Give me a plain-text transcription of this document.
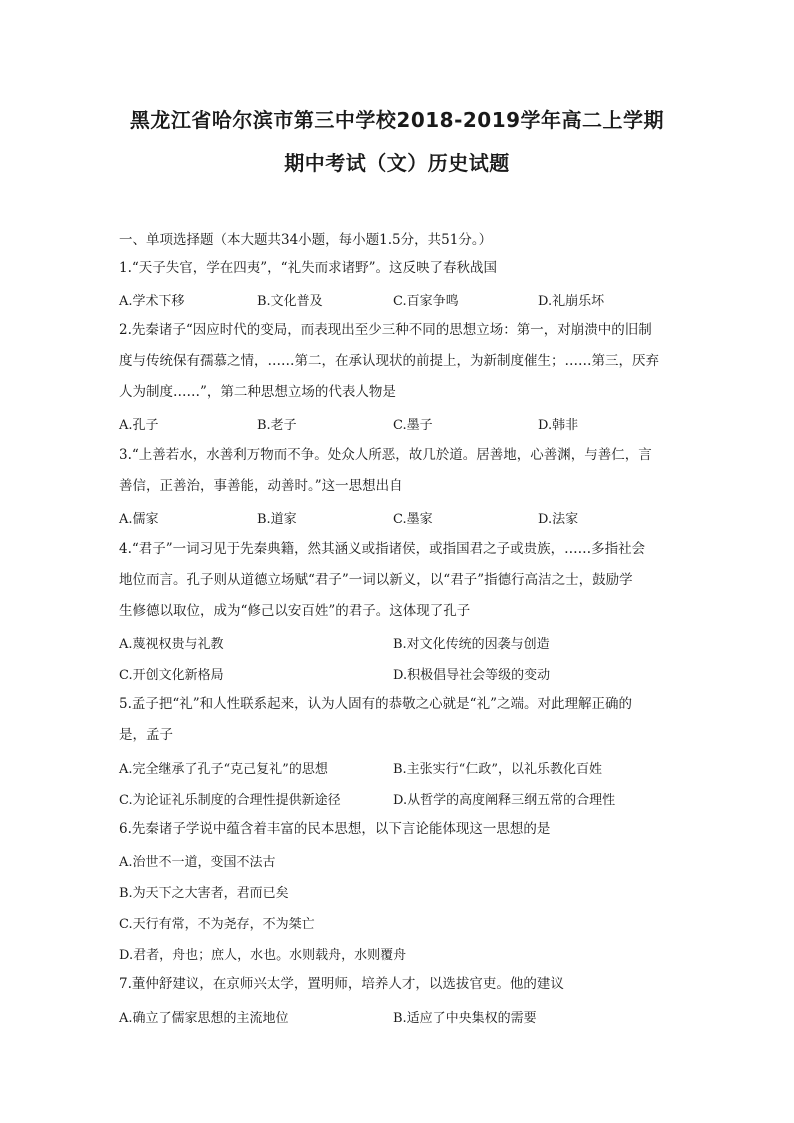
黑龙江省哈尔滨市第三中学校2018-2019学年高二上学期
期中考试（文）历史试题
一、单项选择题（本大题共34小题，每小题1.5分，共51分。）
1.“天子失官，学在四夷”，“礼失而求诸野”。这反映了春秋战国
A.学术下移	B.文化普及	C.百家争鸣	D.礼崩乐坏
2.先秦诸子“因应时代的变局，而表现出至少三种不同的思想立场：第一，对崩溃中的旧制
度与传统保有孺慕之情，……第二，在承认现状的前提上，为新制度催生；……第三，厌弃
人为制度……”，第二种思想立场的代表人物是
A.孔子	B.老子	C.墨子	D.韩非
3.“上善若水，水善利万物而不争。处众人所恶，故几於道。居善地，心善渊，与善仁，言
善信，正善治，事善能，动善时。”这一思想出自
A.儒家	B.道家	C.墨家	D.法家
4.“君子”一词习见于先秦典籍，然其涵义或指诸侯，或指国君之子或贵族，……多指社会
地位而言。孔子则从道德立场赋“君子”一词以新义，以“君子”指德行高洁之士，鼓励学
生修德以取位，成为“修己以安百姓”的君子。这体现了孔子
A.蔑视权贵与礼教	B.对文化传统的因袭与创造
C.开创文化新格局	D.积极倡导社会等级的变动
5.孟子把“礼”和人性联系起来，认为人固有的恭敬之心就是“礼”之端。对此理解正确的
是，孟子
A.完全继承了孔子“克己复礼”的思想	B.主张实行“仁政”，以礼乐教化百姓
C.为论证礼乐制度的合理性提供新途径	D.从哲学的高度阐释三纲五常的合理性
6.先秦诸子学说中蕴含着丰富的民本思想，以下言论能体现这一思想的是
A.治世不一道，变国不法古
B.为天下之大害者，君而已矣
C.天行有常，不为尧存，不为桀亡
D.君者，舟也；庶人，水也。水则载舟，水则覆舟
7.董仲舒建议，在京师兴太学，置明师，培养人才，以选拔官吏。他的建议
A.确立了儒家思想的主流地位	B.适应了中央集权的需要
